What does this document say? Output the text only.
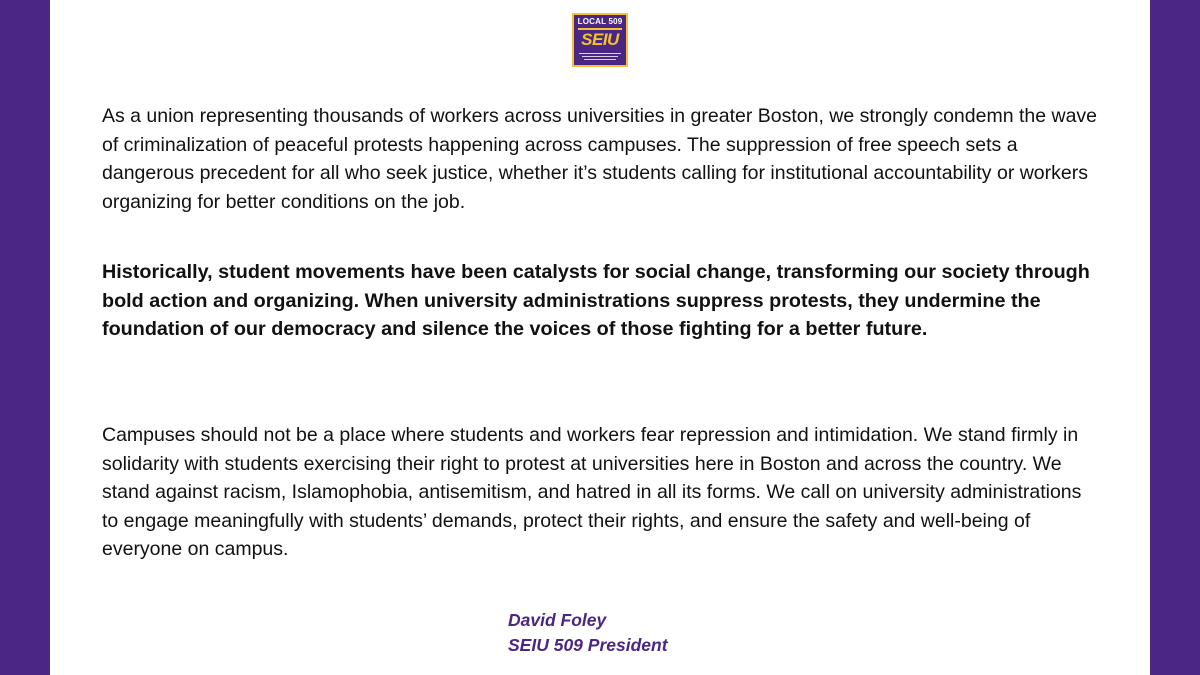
LOCAL 509
SEIU

As a union representing thousands of workers across universities in greater Boston, we strongly condemn the wave of criminalization of peaceful protests happening across campuses. The suppression of free speech sets a dangerous precedent for all who seek justice, whether it’s students calling for institutional accountability or workers organizing for better conditions on the job.

Historically, student movements have been catalysts for social change, transforming our society through bold action and organizing. When university administrations suppress protests, they undermine the foundation of our democracy and silence the voices of those fighting for a better future.

Campuses should not be a place where students and workers fear repression and intimidation. We stand firmly in solidarity with students exercising their right to protest at universities here in Boston and across the country. We stand against racism, Islamophobia, antisemitism, and hatred in all its forms. We call on university administrations to engage meaningfully with students’ demands, protect their rights, and ensure the safety and well-being of everyone on campus.

David Foley
SEIU 509 President
